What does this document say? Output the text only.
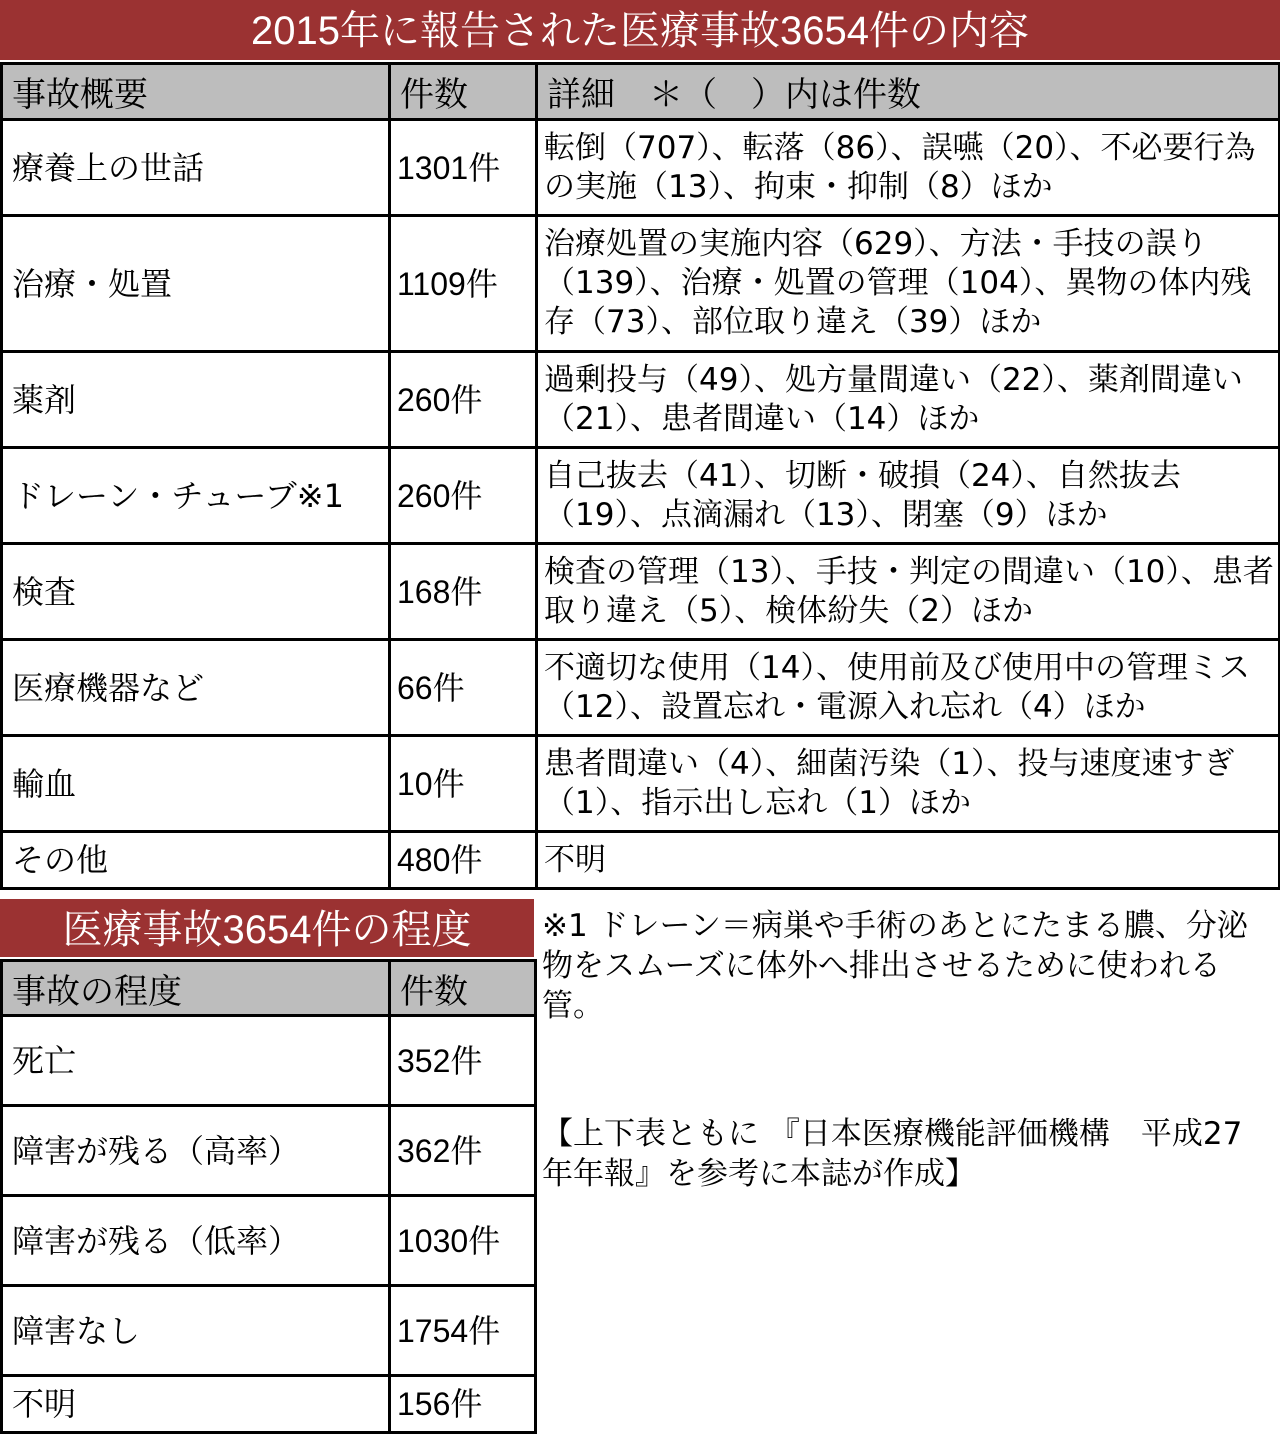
2015年に報告された医療事故3654件の内容
事故概要	件数	詳細　＊（　）内は件数
療養上の世話	1301件	転倒（707）、転落（86）、誤嚥（20）、不必要行為の実施（13）、拘束・抑制（8）ほか
治療・処置	1109件	治療処置の実施内容（629）、方法・手技の誤り（139）、治療・処置の管理（104）、異物の体内残存（73）、部位取り違え（39）ほか
薬剤	260件	過剰投与（49）、処方量間違い（22）、薬剤間違い（21）、患者間違い（14）ほか
ドレーン・チューブ※1	260件	自己抜去（41）、切断・破損（24）、自然抜去（19）、点滴漏れ（13）、閉塞（9）ほか
検査	168件	検査の管理（13）、手技・判定の間違い（10）、患者取り違え（5）、検体紛失（2）ほか
医療機器など	66件	不適切な使用（14）、使用前及び使用中の管理ミス（12）、設置忘れ・電源入れ忘れ（4）ほか
輸血	10件	患者間違い（4）、細菌汚染（1）、投与速度速すぎ（1）、指示出し忘れ（1）ほか
その他	480件	不明
医療事故3654件の程度
事故の程度	件数
死亡	352件
障害が残る（高率）	362件
障害が残る（低率）	1030件
障害なし	1754件
不明	156件
※1 ドレーン＝病巣や手術のあとにたまる膿、分泌物をスムーズに体外へ排出させるために使われる管。
【上下表ともに 『日本医療機能評価機構　平成27年年報』を参考に本誌が作成】
